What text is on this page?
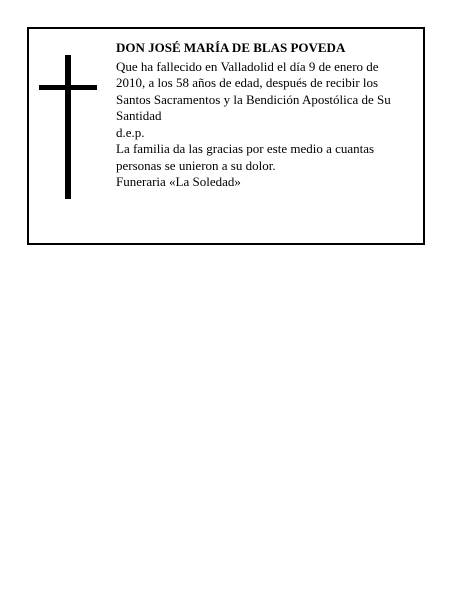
DON JOSÉ MARÍA DE BLAS POVEDA

Que ha fallecido en Valladolid el día 9 de enero de 2010, a los 58 años de edad, después de recibir los Santos Sacramentos y la Bendición Apostólica de Su Santidad

d.e.p.

La familia da las gracias por este medio a cuantas personas se unieron a su dolor.

Funeraria «La Soledad»
